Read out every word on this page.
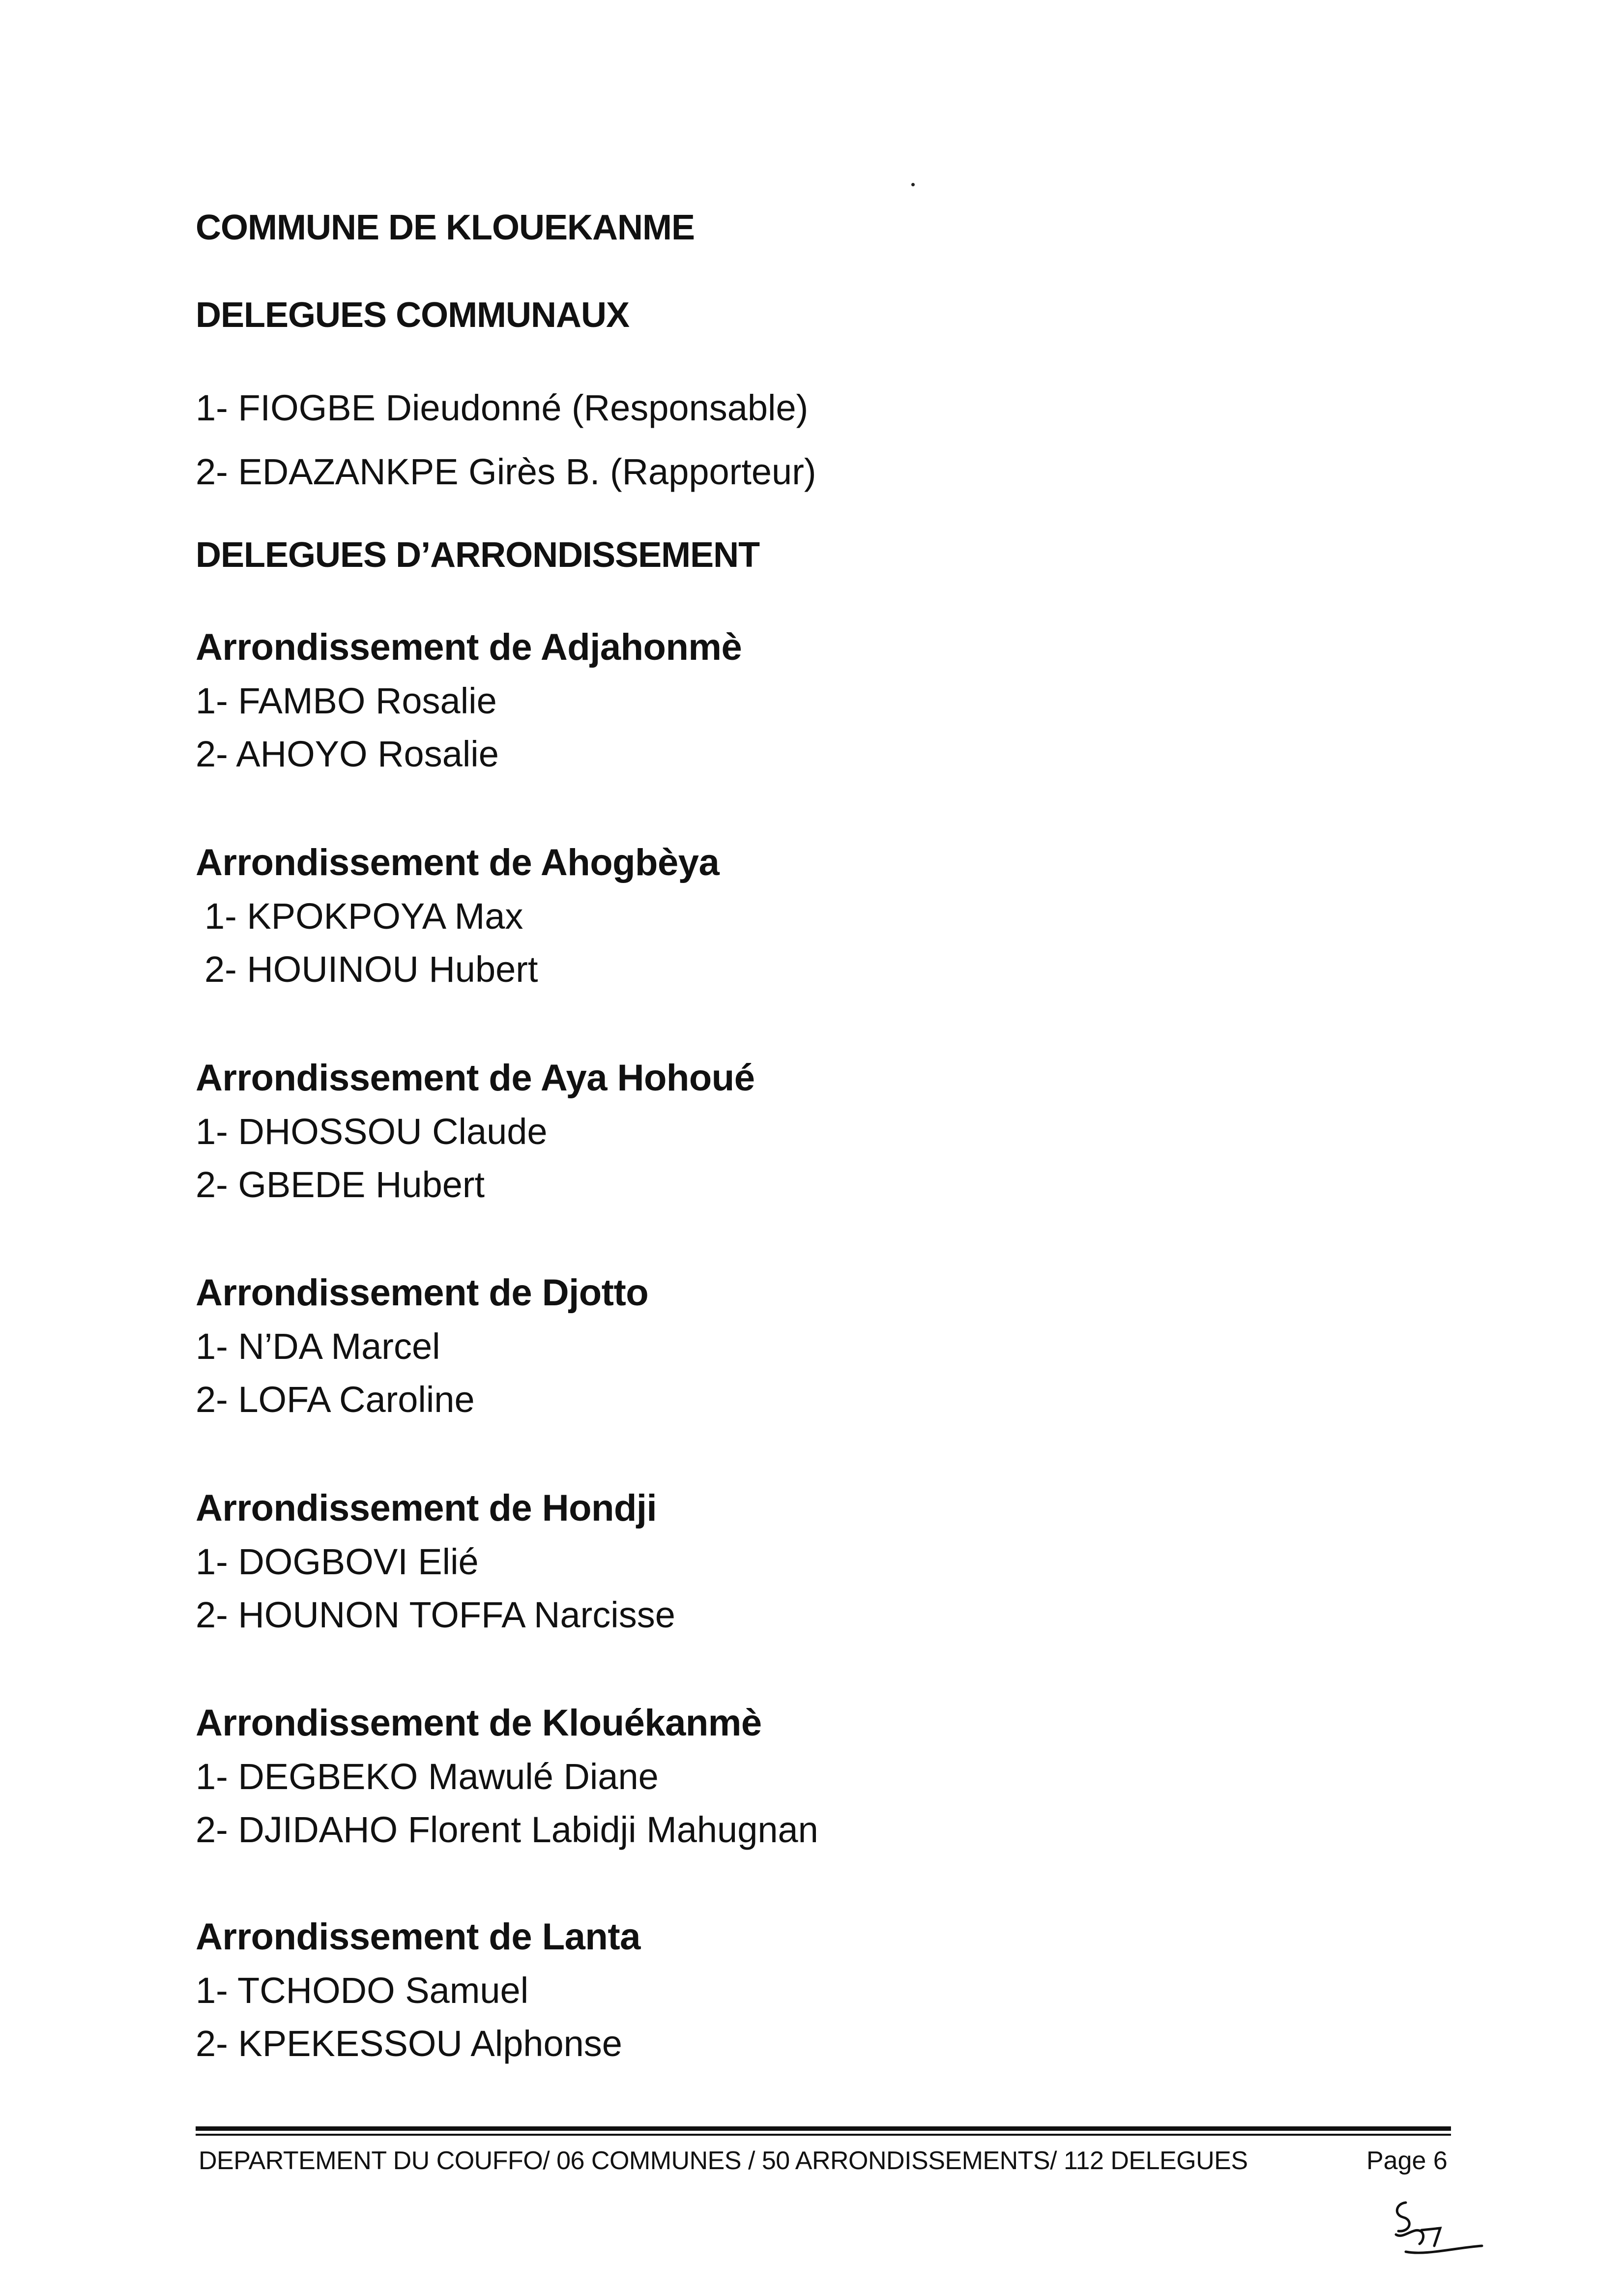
COMMUNE DE KLOUEKANME
DELEGUES COMMUNAUX
1- FIOGBE Dieudonné (Responsable)
2- EDAZANKPE Girès B. (Rapporteur)
DELEGUES D’ARRONDISSEMENT
Arrondissement de Adjahonmè
1- FAMBO Rosalie
2- AHOYO Rosalie
Arrondissement de Ahogbèya
1- KPOKPOYA Max
2- HOUINOU Hubert
Arrondissement de Aya Hohoué
1- DHOSSOU Claude
2- GBEDE Hubert
Arrondissement de Djotto
1- N’DA Marcel
2- LOFA Caroline
Arrondissement de Hondji
1- DOGBOVI Elié
2- HOUNON TOFFA Narcisse
Arrondissement de Klouékanmè
1- DEGBEKO Mawulé Diane
2- DJIDAHO Florent Labidji Mahugnan
Arrondissement de Lanta
1- TCHODO Samuel
2- KPEKESSOU Alphonse
DEPARTEMENT DU COUFFO/ 06 COMMUNES / 50 ARRONDISSEMENTS/ 112 DELEGUES	Page 6
